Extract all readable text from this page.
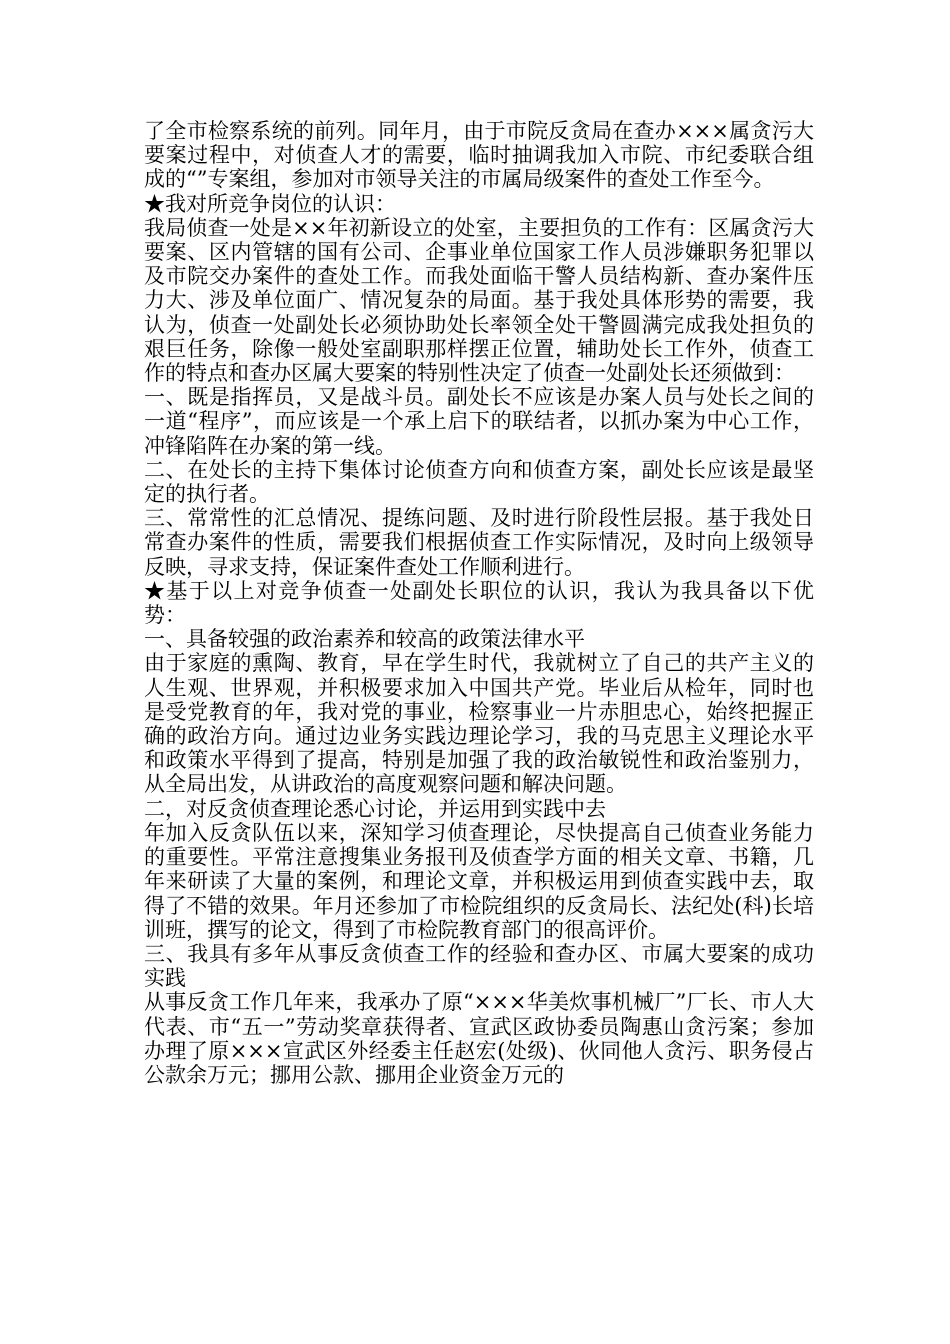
了全市检察系统的前列。同年月，由于市院反贪局在查办×××属贪污大要案过程中，对侦查人才的需要，临时抽调我加入市院、市纪委联合组成的“”专案组，参加对市领导关注的市属局级案件的查处工作至今。

★我对所竞争岗位的认识：

我局侦查一处是××年初新设立的处室，主要担负的工作有：区属贪污大要案、区内管辖的国有公司、企事业单位国家工作人员涉嫌职务犯罪以及市院交办案件的查处工作。而我处面临干警人员结构新、查办案件压力大、涉及单位面广、情况复杂的局面。基于我处具体形势的需要，我认为，侦查一处副处长必须协助处长率领全处干警圆满完成我处担负的艰巨任务，除像一般处室副职那样摆正位置，辅助处长工作外，侦查工作的特点和查办区属大要案的特别性决定了侦查一处副处长还须做到：

一、既是指挥员，又是战斗员。副处长不应该是办案人员与处长之间的一道“程序”，而应该是一个承上启下的联结者，以抓办案为中心工作，冲锋陷阵在办案的第一线。

二、在处长的主持下集体讨论侦查方向和侦查方案，副处长应该是最坚定的执行者。

三、常常性的汇总情况、提练问题、及时进行阶段性层报。基于我处日常查办案件的性质，需要我们根据侦查工作实际情况，及时向上级领导反映，寻求支持，保证案件查处工作顺利进行。

★基于以上对竞争侦查一处副处长职位的认识，我认为我具备以下优势：

一、具备较强的政治素养和较高的政策法律水平

由于家庭的熏陶、教育，早在学生时代，我就树立了自己的共产主义的人生观、世界观，并积极要求加入中国共产党。毕业后从检年，同时也是受党教育的年，我对党的事业，检察事业一片赤胆忠心，始终把握正确的政治方向。通过边业务实践边理论学习，我的马克思主义理论水平和政策水平得到了提高，特别是加强了我的政治敏锐性和政治鉴别力，从全局出发，从讲政治的高度观察问题和解决问题。

二，对反贪侦查理论悉心讨论，并运用到实践中去

年加入反贪队伍以来，深知学习侦查理论，尽快提高自己侦查业务能力的重要性。平常注意搜集业务报刊及侦查学方面的相关文章、书籍，几年来研读了大量的案例，和理论文章，并积极运用到侦查实践中去，取得了不错的效果。年月还参加了市检院组织的反贪局长、法纪处(科)长培训班，撰写的论文，得到了市检院教育部门的很高评价。

三、我具有多年从事反贪侦查工作的经验和查办区、市属大要案的成功实践

从事反贪工作几年来，我承办了原“×××华美炊事机械厂”厂长、市人大代表、市“五一”劳动奖章获得者、宣武区政协委员陶惠山贪污案；参加办理了原×××宣武区外经委主任赵宏(处级)、伙同他人贪污、职务侵占公款余万元；挪用公款、挪用企业资金万元的
